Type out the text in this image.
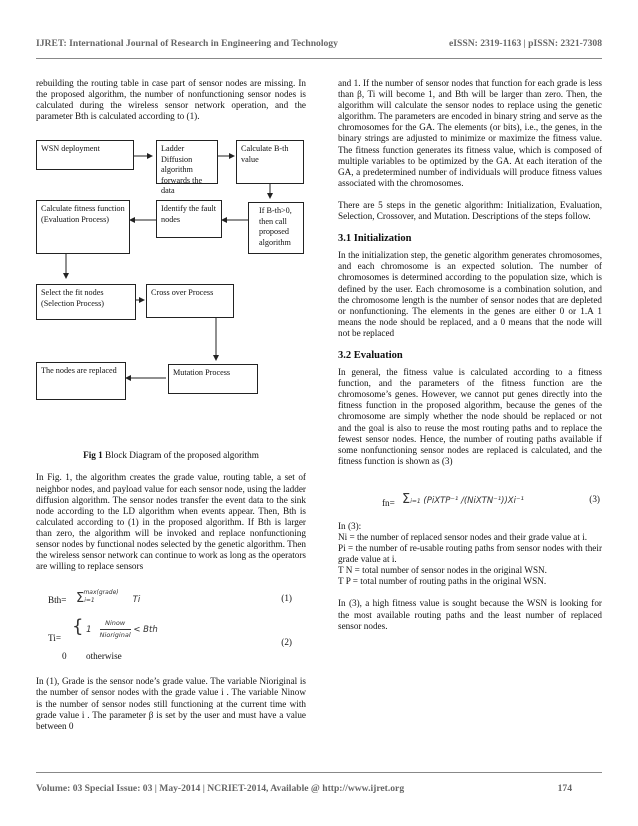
IJRET: International Journal of Research in Engineering and Technology	eISSN: 2319-1163 | pISSN: 2321-7308

rebuilding the routing table in case part of sensor nodes are missing. In the proposed algorithm, the number of nonfunctioning sensor nodes is calculated during the wireless sensor network operation, and the parameter Bth is calculated according to (1).

WSN deployment	Ladder Diffusion algorithm forwards the data
Calculate B-th value
Calculate fitness function (Evaluation Process)
Identify the fault nodes
If B-th>0, then call proposed algorithm
Select the fit nodes (Selection Process)
Cross over Process
The nodes are replaced	Mutation Process
Fig 1 Block Diagram of the proposed algorithm

In Fig. 1, the algorithm creates the grade value, routing table, a set of neighbor nodes, and payload value for each sensor node, using the ladder diffusion algorithm. The sensor nodes transfer the event data to the sink node according to the LD algorithm when events appear. Then, Bth is calculated according to (1) in the proposed algorithm. If Bth is larger than zero, the algorithm will be invoked and replace nonfunctioning sensor nodes by functional nodes selected by the genetic algorithm. Then the wireless sensor network can continue to work as long as the operators are willing to replace sensors

Bth= Σi=1 $^{max(grade)}$Ti	(1)
Ti=
{ $1 \frac{\text{Ninow}}{\text{Nioriginal}}$ < Bth
0 otherwise
(2)

In (1), Grade is the sensor node’s grade value. The variable Nioriginal is the number of sensor nodes with the grade value i . The variable Ninow is the number of sensor nodes still functioning at the current time with grade value i . The parameter β is set by the user and must have a value between 0

and 1. If the number of sensor nodes that function for each grade is less than β, Ti will become 1, and Bth will be larger than zero. Then, the algorithm will calculate the sensor nodes to replace using the genetic algorithm. The parameters are encoded in binary string and serve as the chromosomes for the GA. The elements (or bits), i.e., the genes, in the binary strings are adjusted to minimize or maximize the fitness value. The fitness function generates its fitness value, which is composed of multiple variables to be optimized by the GA. At each iteration of the GA, a predetermined number of individuals will produce fitness values associated with the chromosomes.

There are 5 steps in the genetic algorithm: Initialization, Evaluation, Selection, Crossover, and Mutation. Descriptions of the steps follow.

3.1 Initialization

In the initialization step, the genetic algorithm generates chromosomes, and each chromosome is an expected solution. The number of chromosomes is determined according to the population size, which is defined by the user. Each chromosome is a combination solution, and the chromosome length is the number of sensor nodes that are depleted or nonfunctioning. The elements in the genes are either 0 or 1.A 1 means the node should be replaced, and a 0 means that the node will not be replaced

3.2 Evaluation

In general, the fitness value is calculated according to a fitness function, and the parameters of the fitness function are the chromosome’s genes. However, we cannot put genes directly into the fitness function in the proposed algorithm, because the genes of the chromosome are simply whether the node should be replaced or not and the goal is also to reuse the most routing paths and to replace the fewest sensor nodes. Hence, the number of routing paths available if some nonfunctioning sensor nodes are replaced is calculated, and the fitness function is shown as (3)

fn= Σi=1 (PiXTP⁻¹ /(NiXTN⁻¹))Xi⁻¹	(3)

In (3):

Ni = the number of replaced sensor nodes and their grade value at i.

Pi = the number of re-usable routing paths from sensor nodes with their grade value at i.

T N = total number of sensor nodes in the original WSN.

T P = total number of routing paths in the original WSN.

In (3), a high fitness value is sought because the WSN is looking for the most available routing paths and the least number of replaced sensor nodes.

Volume: 03 Special Issue: 03 | May-2014 | NCRIET-2014, Available @ http://www.ijret.org	174
